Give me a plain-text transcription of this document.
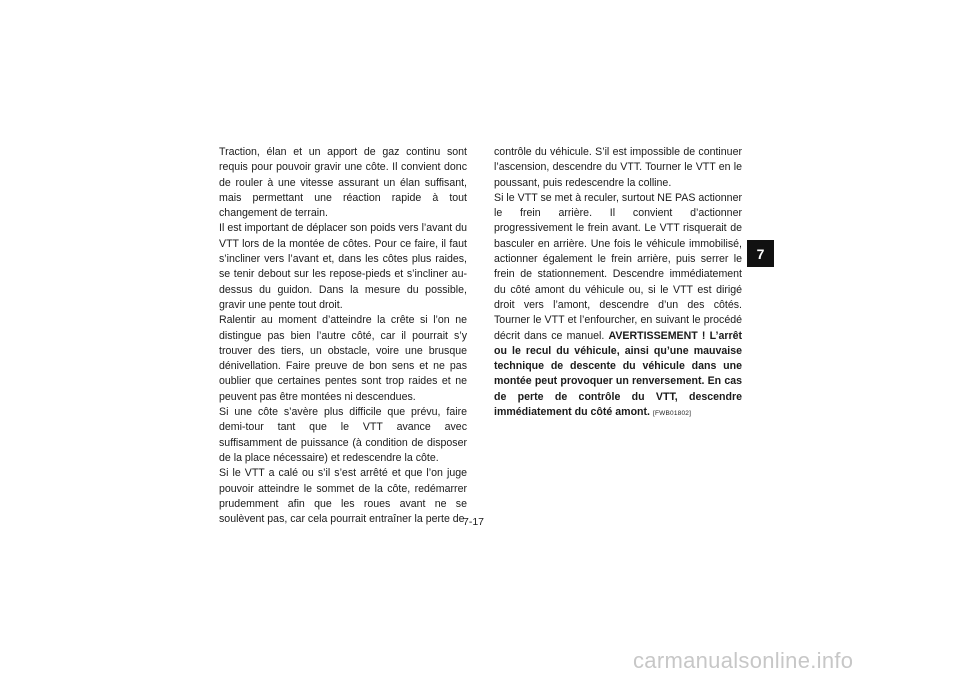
Traction, élan et un apport de gaz continu sont requis pour pouvoir gravir une côte. Il convient donc de rouler à une vitesse assurant un élan suffisant, mais permettant une réaction rapide à tout changement de terrain.

Il est important de déplacer son poids vers l’avant du VTT lors de la montée de côtes. Pour ce faire, il faut s’incliner vers l’avant et, dans les côtes plus raides, se tenir debout sur les repose-pieds et s’incliner au-dessus du guidon. Dans la mesure du possible, gravir une pente tout droit.

Ralentir au moment d’atteindre la crête si l’on ne distingue pas bien l’autre côté, car il pourrait s’y trouver des tiers, un obstacle, voire une brusque dénivellation. Faire preuve de bon sens et ne pas oublier que certaines pentes sont trop raides et ne peuvent pas être montées ni descendues.

Si une côte s’avère plus difficile que prévu, faire demi-tour tant que le VTT avance avec suffisamment de puissance (à condition de disposer de la place nécessaire) et redescendre la côte.

Si le VTT a calé ou s’il s’est arrêté et que l’on juge pouvoir atteindre le sommet de la côte, redémarrer prudemment afin que les roues avant ne se soulèvent pas, car cela pourrait entraîner la perte de

contrôle du véhicule. S’il est impossible de continuer l’ascension, descendre du VTT. Tourner le VTT en le poussant, puis redescendre la colline.

Si le VTT se met à reculer, surtout NE PAS actionner le frein arrière. Il convient d’actionner progressivement le frein avant. Le VTT risquerait de basculer en arrière. Une fois le véhicule immobilisé, actionner également le frein arrière, puis serrer le frein de stationnement. Descendre immédiatement du côté amont du véhicule ou, si le VTT est dirigé droit vers l’amont, descendre d’un des côtés. Tourner le VTT et l’enfourcher, en suivant le procédé décrit dans ce manuel. AVERTISSEMENT ! L’arrêt ou le recul du véhicule, ainsi qu’une mauvaise technique de descente du véhicule dans une montée peut provoquer un renversement. En cas de perte de contrôle du VTT, descendre immédiatement du côté amont. [FWB01802]

7-17
7
carmanualsonline.info
